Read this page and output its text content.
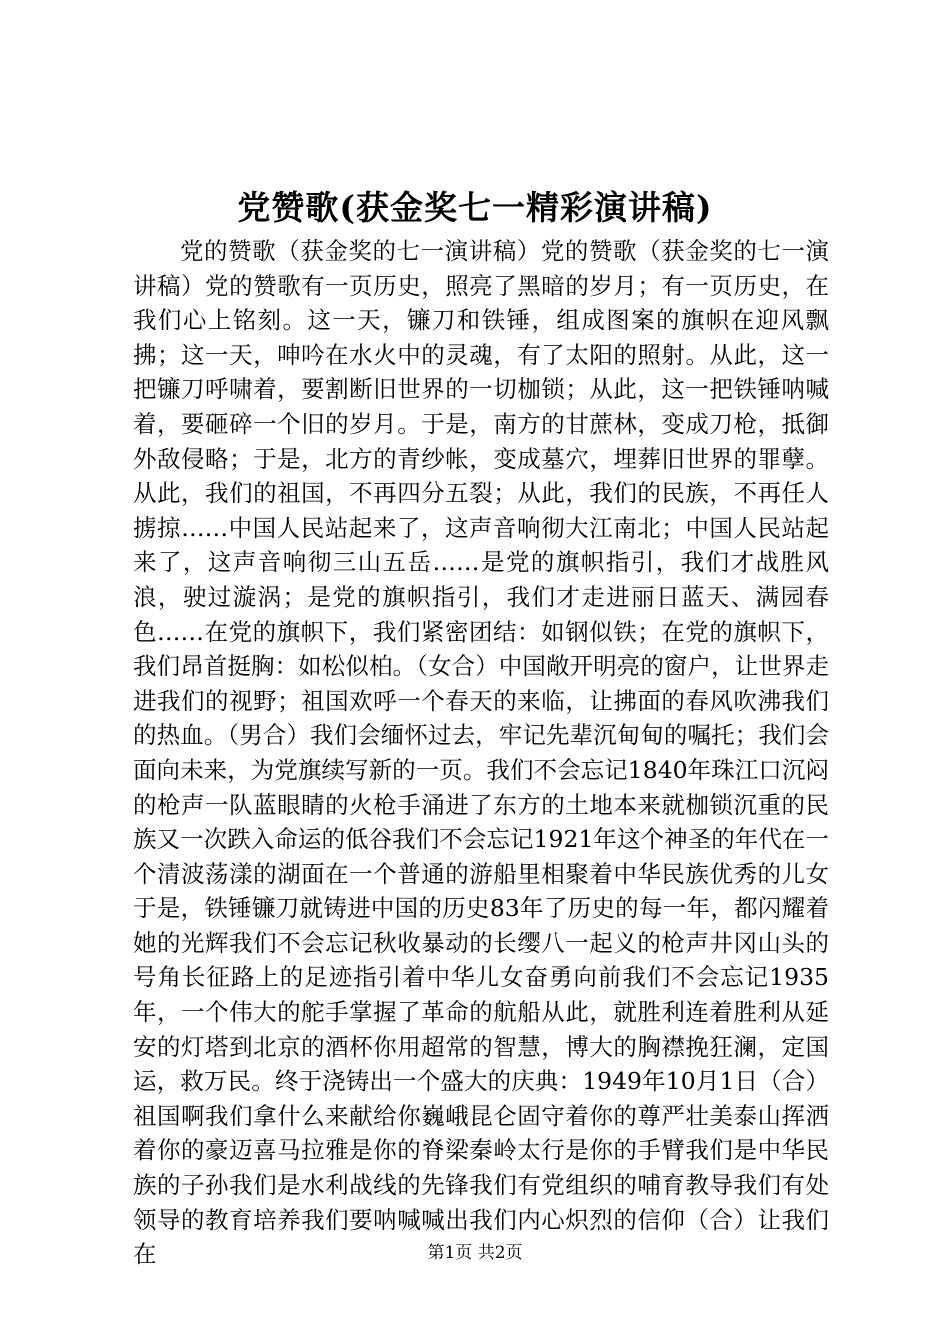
党赞歌(获金奖七一精彩演讲稿)
党的赞歌（获金奖的七一演讲稿）党的赞歌（获金奖的七一演讲稿）党的赞歌有一页历史，照亮了黑暗的岁月；有一页历史，在我们心上铭刻。这一天，镰刀和铁锤，组成图案的旗帜在迎风飘拂；这一天，呻吟在水火中的灵魂，有了太阳的照射。从此，这一把镰刀呼啸着，要割断旧世界的一切枷锁；从此，这一把铁锤呐喊着，要砸碎一个旧的岁月。于是，南方的甘蔗林，变成刀枪，抵御外敌侵略；于是，北方的青纱帐，变成墓穴，埋葬旧世界的罪孽。从此，我们的祖国，不再四分五裂；从此，我们的民族，不再任人掳掠……中国人民站起来了，这声音响彻大江南北；中国人民站起来了，这声音响彻三山五岳……是党的旗帜指引，我们才战胜风浪，驶过漩涡；是党的旗帜指引，我们才走进丽日蓝天、满园春色……在党的旗帜下，我们紧密团结：如钢似铁；在党的旗帜下，我们昂首挺胸：如松似柏。（女合）中国敞开明亮的窗户，让世界走进我们的视野；祖国欢呼一个春天的来临，让拂面的春风吹沸我们的热血。（男合）我们会缅怀过去，牢记先辈沉甸甸的嘱托；我们会面向未来，为党旗续写新的一页。我们不会忘记1840年珠江口沉闷的枪声一队蓝眼睛的火枪手涌进了东方的土地本来就枷锁沉重的民族又一次跌入命运的低谷我们不会忘记1921年这个神圣的年代在一个清波荡漾的湖面在一个普通的游船里相聚着中华民族优秀的儿女于是，铁锤镰刀就铸进中国的历史83年了历史的每一年，都闪耀着她的光辉我们不会忘记秋收暴动的长缨八一起义的枪声井冈山头的号角长征路上的足迹指引着中华儿女奋勇向前我们不会忘记1935年，一个伟大的舵手掌握了革命的航船从此，就胜利连着胜利从延安的灯塔到北京的酒杯你用超常的智慧，博大的胸襟挽狂澜，定国运，救万民。终于浇铸出一个盛大的庆典：1949年10月1日（合）祖国啊我们拿什么来献给你巍峨昆仑固守着你的尊严壮美泰山挥洒着你的豪迈喜马拉雅是你的脊梁秦岭太行是你的手臂我们是中华民族的子孙我们是水利战线的先锋我们有党组织的哺育教导我们有处领导的教育培养我们要呐喊喊出我们内心炽烈的信仰（合）让我们在	第1页 共2页
